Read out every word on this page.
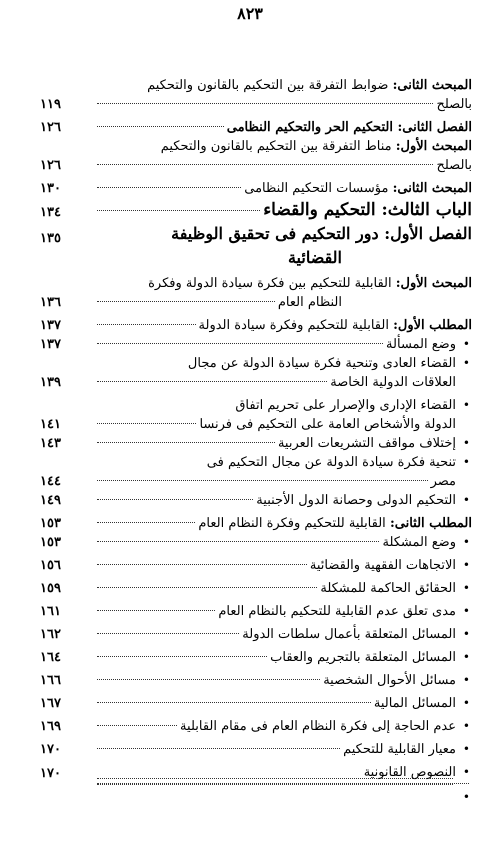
٨٢٣
المبحث الثانى: ضوابط التفرقة بين التحكيم بالقانون والتحكيم
بالصلح
١١٩
الفصل الثانى: التحكيم الحر والتحكيم النظامى
١٢٦
المبحث الأول: مناط التفرقة بين التحكيم بالقانون والتحكيم
بالصلح
١٢٦
المبحث الثانى: مؤسسات التحكيم النظامى
١٣٠
الباب الثالث: التحكيم والقضاء
١٣٤
الفصل الأول: دور التحكيم فى تحقيق الوظيفة
القضائية
١٣٥
المبحث الأول: القابلية للتحكيم بين فكرة سيادة الدولة وفكرة
النظام العام
١٣٦
المطلب الأول: القابلية للتحكيم وفكرة سيادة الدولة
١٣٧
• وضع المسألة
١٣٧
• القضاء العادى وتنحية فكرة سيادة الدولة عن مجال
العلاقات الدولية الخاصة
١٣٩
• القضاء الإدارى والإصرار على تحريم اتفاق
الدولة والأشخاص العامة على التحكيم فى فرنسا
١٤١
• إختلاف مواقف التشريعات العربية
١٤٣
• تنحية فكرة سيادة الدولة عن مجال التحكيم فى
مصر
١٤٤
• التحكيم الدولى وحصانة الدول الأجنبية
١٤٩
المطلب الثانى: القابلية للتحكيم وفكرة النظام العام
١٥٣
• وضع المشكلة
١٥٣
• الاتجاهات الفقهية والقضائية
١٥٦
• الحقائق الحاكمة للمشكلة
١٥٩
• مدى تعلق عدم القابلية للتحكيم بالنظام العام
١٦١
• المسائل المتعلقة بأعمال سلطات الدولة
١٦٢
• المسائل المتعلقة بالتجريم والعقاب
١٦٤
• مسائل الأحوال الشخصية
١٦٦
• المسائل المالية
١٦٧
• عدم الحاجة إلى فكرة النظام العام فى مقام القابلية
١٦٩
• معيار القابلية للتحكيم
١٧٠
• النصوص القانونية
١٧٠
•
